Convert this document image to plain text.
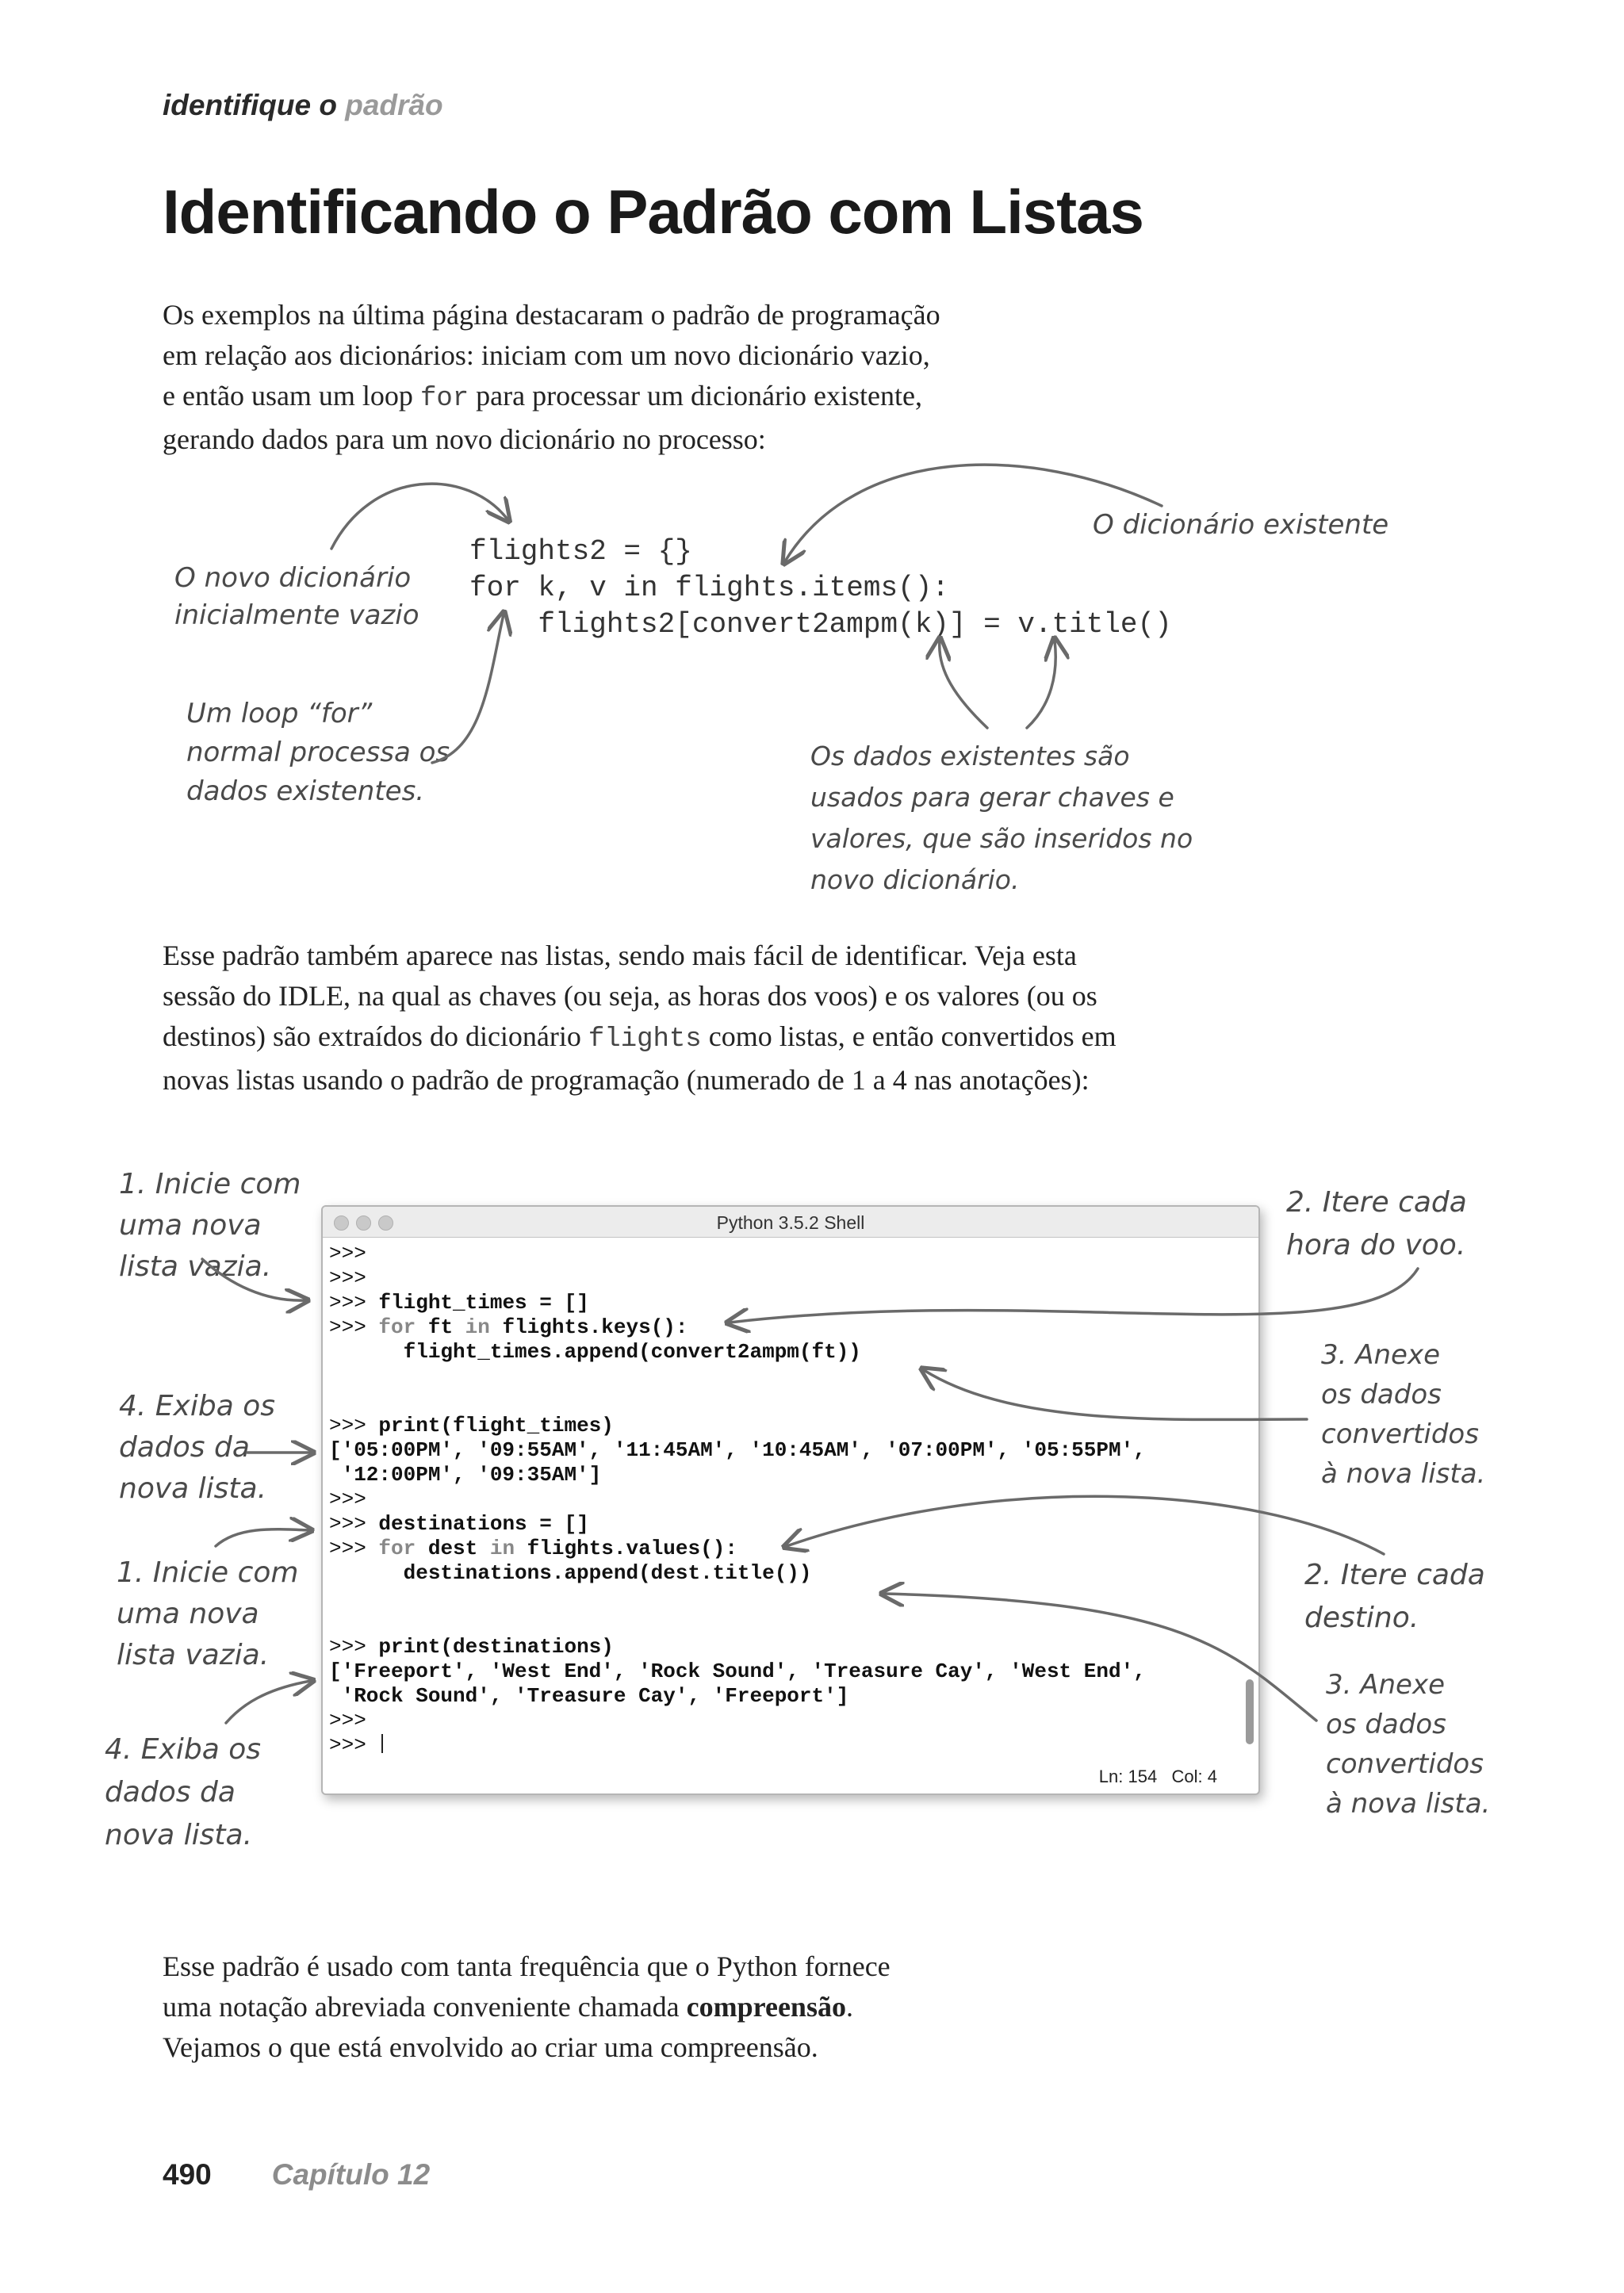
identifique o padrão
Identificando o Padrão com Listas
Os exemplos na última página destacaram o padrão de programação
em relação aos dicionários: iniciam com um novo dicionário vazio,
e então usam um loop for para processar um dicionário existente,
gerando dados para um novo dicionário no processo:
flights2 = {}
for k, v in flights.items():
flights2[convert2ampm(k)] = v.title()
O novo dicionário
inicialmente vazio
O dicionário existente
Um loop “for”
normal processa os
dados existentes.
Os dados existentes são
usados para gerar chaves e
valores, que são inseridos no
novo dicionário.
Esse padrão também aparece nas listas, sendo mais fácil de identificar. Veja esta
sessão do IDLE, na qual as chaves (ou seja, as horas dos voos) e os valores (ou os
destinos) são extraídos do dicionário flights como listas, e então convertidos em
novas listas usando o padrão de programação (numerado de 1 a 4 nas anotações):
Python 3.5.2 Shell
>>>
>>>
>>> flight_times = []
>>> for ft in flights.keys():
flight_times.append(convert2ampm(ft))
>>> print(flight_times)
['05:00PM', '09:55AM', '11:45AM', '10:45AM', '07:00PM', '05:55PM',
'12:00PM', '09:35AM']
>>>
>>> destinations = []
>>> for dest in flights.values():
destinations.append(dest.title())
>>> print(destinations)
['Freeport', 'West End', 'Rock Sound', 'Treasure Cay', 'West End',
'Rock Sound', 'Treasure Cay', 'Freeport']
>>>
>>>
Ln: 154   Col: 4
1. Inicie com
uma nova
lista vazia.
4. Exiba os
dados da
nova lista.
1. Inicie com
uma nova
lista vazia.
4. Exiba os
dados da
nova lista.
2. Itere cada
hora do voo.
3. Anexe
os dados
convertidos
à nova lista.
2. Itere cada
destino.
3. Anexe
os dados
convertidos
à nova lista.
Esse padrão é usado com tanta frequência que o Python fornece
uma notação abreviada conveniente chamada compreensão.
Vejamos o que está envolvido ao criar uma compreensão.
490 Capítulo 12
